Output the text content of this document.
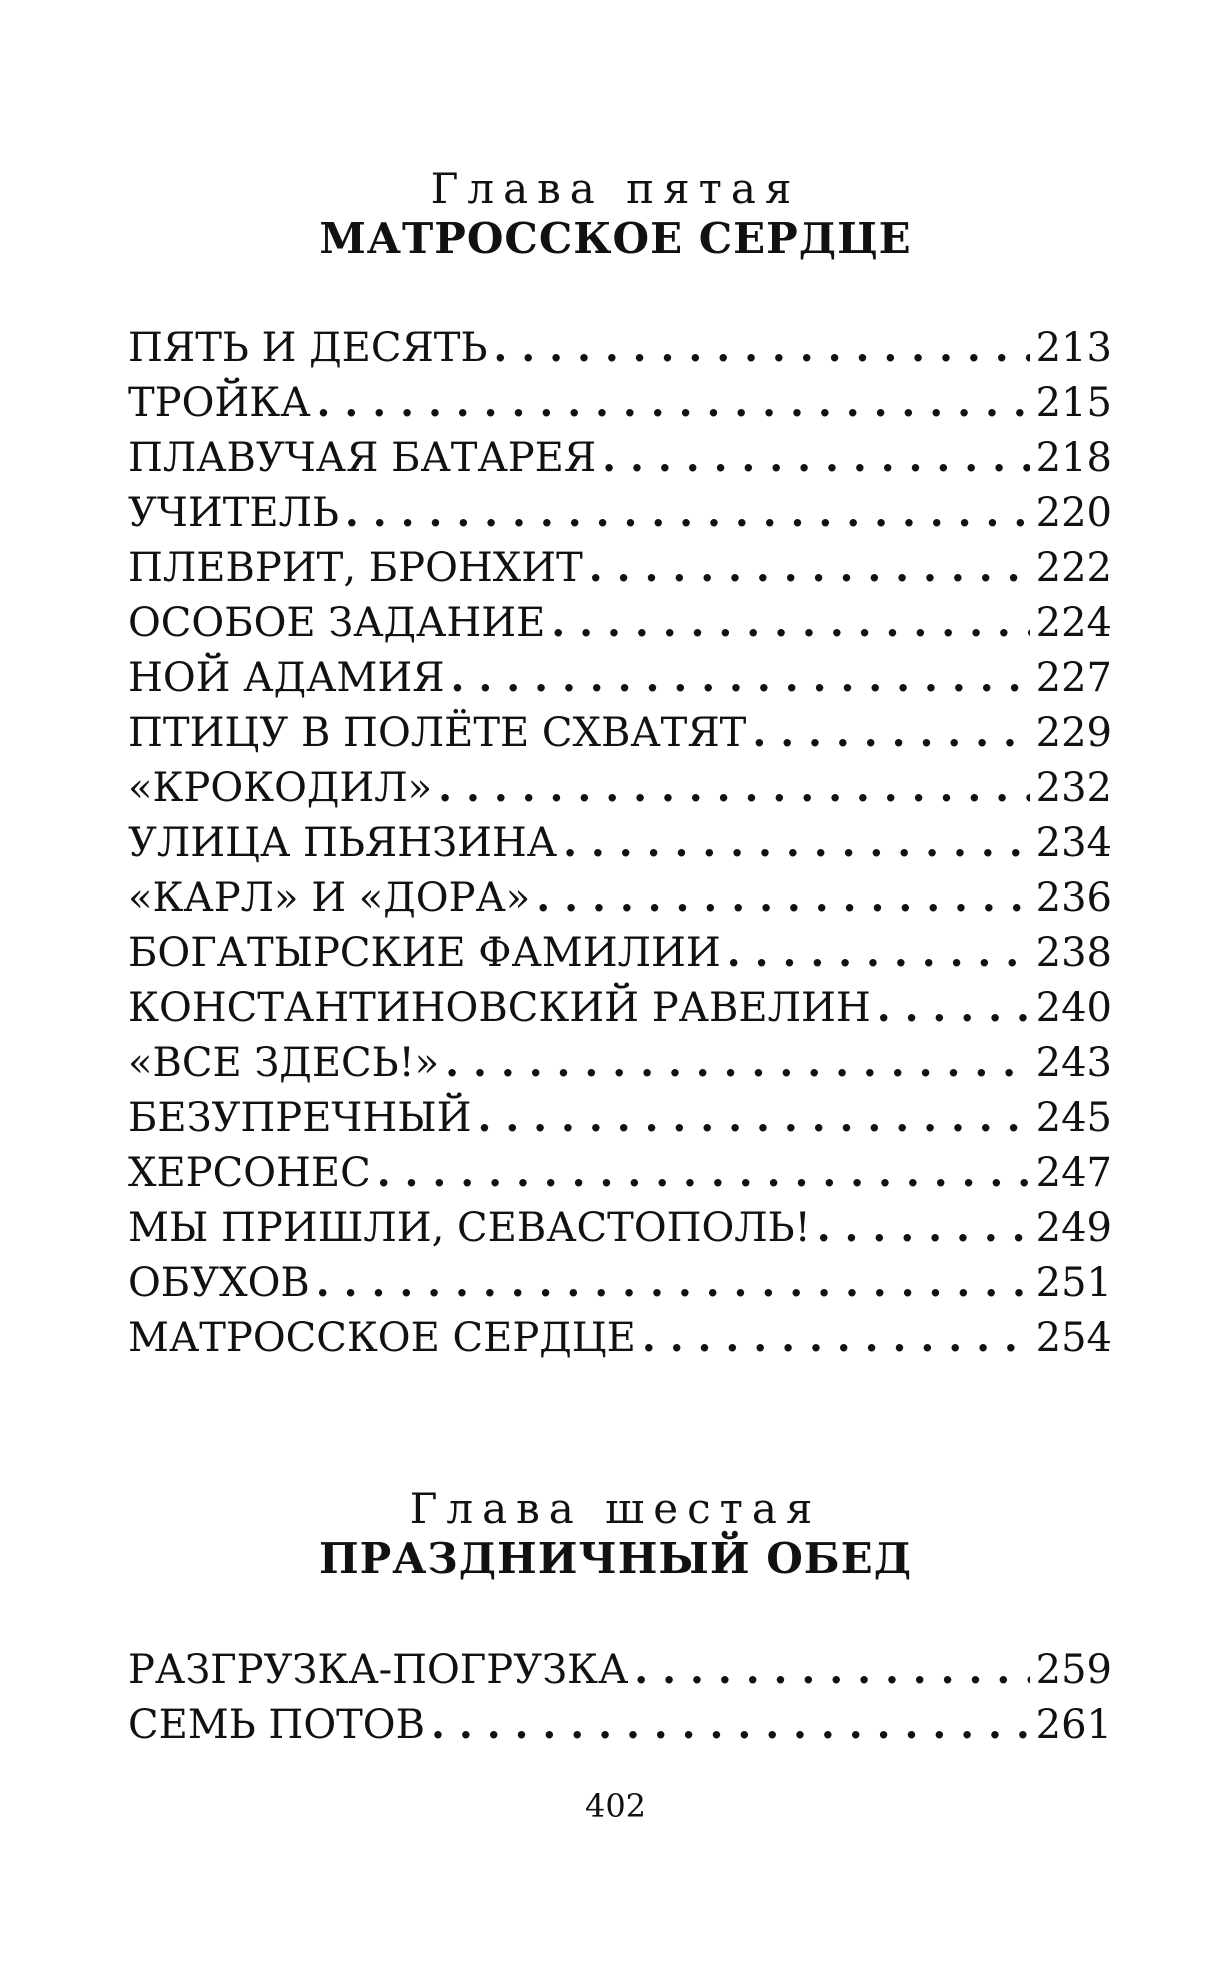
Глава пятая
МАТРОССКОЕ СЕРДЦЕ
ПЯТЬ И ДЕСЯТЬ . . .	213
ТРОЙКА . . .	215
ПЛАВУЧАЯ БАТАРЕЯ . . .	218
УЧИТЕЛЬ . . .	220
ПЛЕВРИТ, БРОНХИТ . . .	222
ОСОБОЕ ЗАДАНИЕ . . .	224
НОЙ АДАМИЯ . . .	227
ПТИЦУ В ПОЛЁТЕ СХВАТЯТ . . .	229
«КРОКОДИЛ» . . .	232
УЛИЦА ПЬЯНЗИНА . . .	234
«КАРЛ» И «ДОРА» . . .	236
БОГАТЫРСКИЕ ФАМИЛИИ . . .	238
КОНСТАНТИНОВСКИЙ РАВЕЛИН . . .	240
«ВСЕ ЗДЕСЬ!» . . .	243
БЕЗУПРЕЧНЫЙ . . .	245
ХЕРСОНЕС . . .	247
МЫ ПРИШЛИ, СЕВАСТОПОЛЬ! . . .	249
ОБУХОВ . . .	251
МАТРОССКОЕ СЕРДЦЕ . . .	254
Глава шестая
ПРАЗДНИЧНЫЙ ОБЕД
РАЗГРУЗКА-ПОГРУЗКА . . .	259
СЕМЬ ПОТОВ . . .	261
402
